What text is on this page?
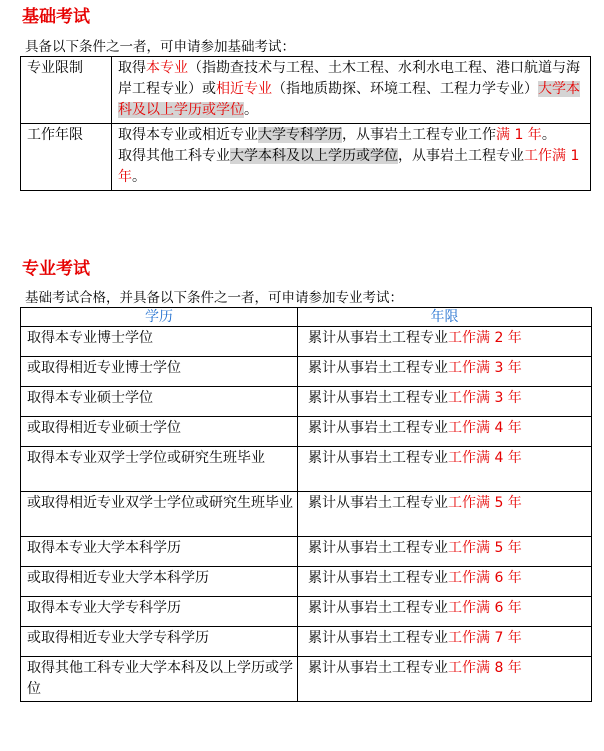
基础考试
具备以下条件之一者，可申请参加基础考试：
专业限制	取得本专业（指勘查技术与工程、土木工程、水利水电工程、港口航道与海岸工程专业）或相近专业（指地质勘探、环境工程、工程力学专业）大学本科及以上学历或学位。

工作年限	取得本专业或相近专业大学专科学历，从事岩土工程专业工作满 1 年。

取得其他工科专业大学本科及以上学历或学位，从事岩土工程专业工作满 1 年。

专业考试
基础考试合格，并具备以下条件之一者，可申请参加专业考试：
学历	年限
取得本专业博士学位	累计从事岩土工程专业工作满 2 年
或取得相近专业博士学位	累计从事岩土工程专业工作满 3 年
取得本专业硕士学位	累计从事岩土工程专业工作满 3 年
或取得相近专业硕士学位	累计从事岩土工程专业工作满 4 年
取得本专业双学士学位或研究生班毕业	累计从事岩土工程专业工作满 4 年
或取得相近专业双学士学位或研究生班毕业	累计从事岩土工程专业工作满 5 年
取得本专业大学本科学历	累计从事岩土工程专业工作满 5 年
或取得相近专业大学本科学历	累计从事岩土工程专业工作满 6 年
取得本专业大学专科学历	累计从事岩土工程专业工作满 6 年
或取得相近专业大学专科学历	累计从事岩土工程专业工作满 7 年
取得其他工科专业大学本科及以上学历或学位	累计从事岩土工程专业工作满 8 年
